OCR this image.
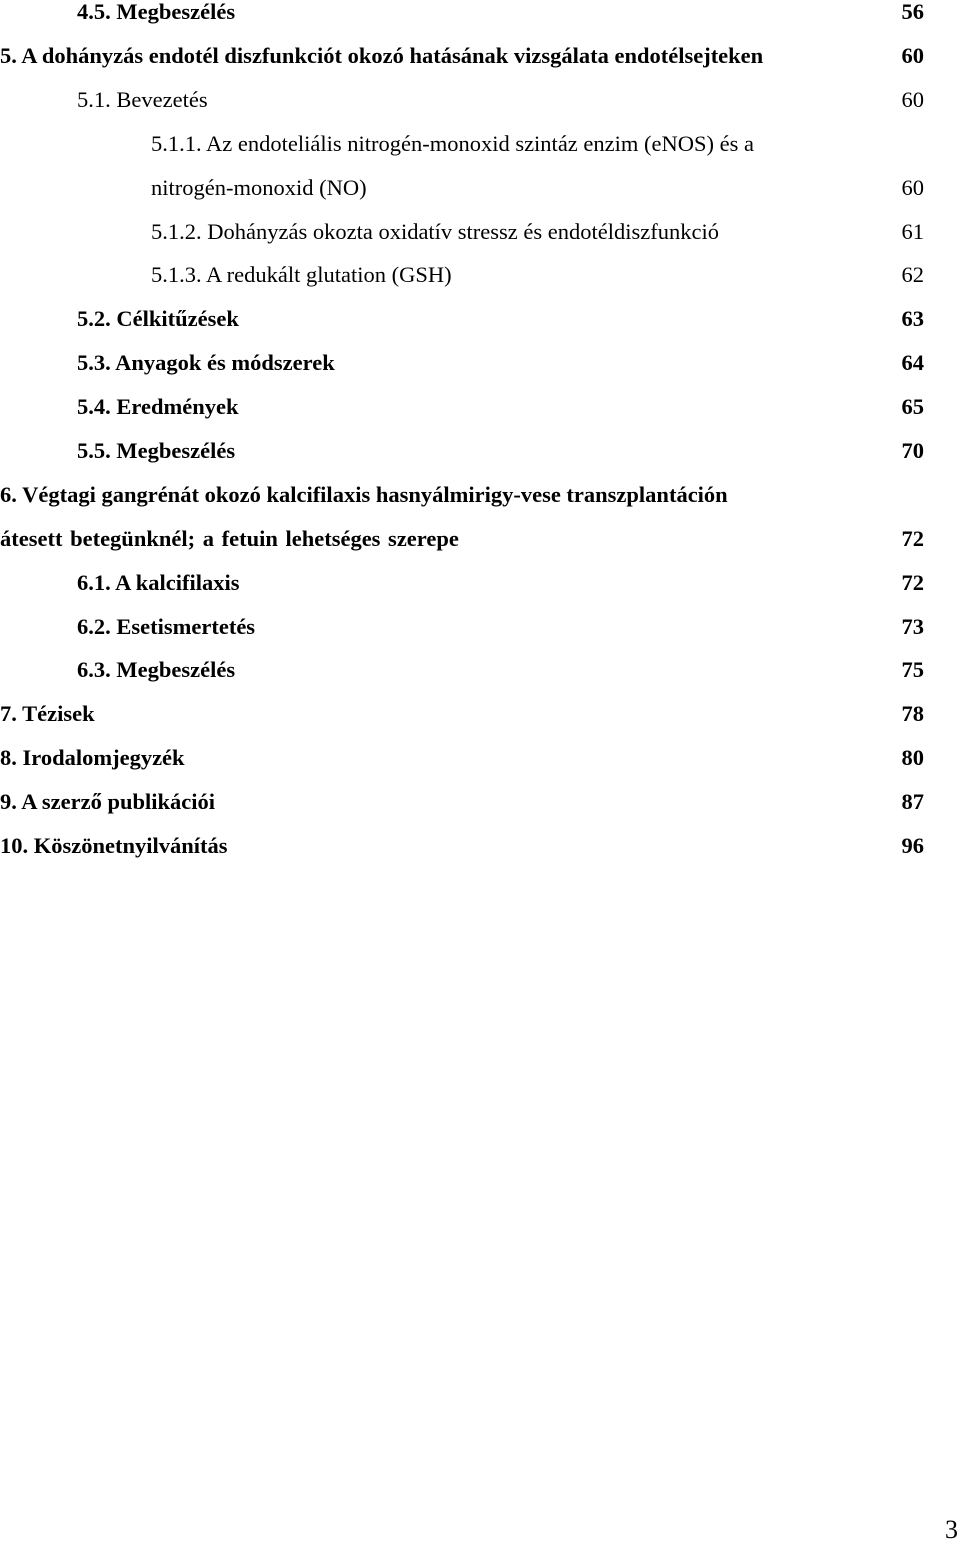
4.5. Megbeszélés	56
5. A dohányzás endotél diszfunkciót okozó hatásának vizsgálata endotélsejteken	60
5.1. Bevezetés	60
5.1.1. Az endoteliális nitrogén-monoxid szintáz enzim (eNOS) és a
nitrogén-monoxid (NO)	60
5.1.2. Dohányzás okozta oxidatív stressz és endotéldiszfunkció	61
5.1.3. A redukált glutation (GSH)	62
5.2. Célkitűzések	63
5.3. Anyagok és módszerek	64
5.4. Eredmények	65
5.5. Megbeszélés	70
6. Végtagi gangrénát okozó kalcifilaxis hasnyálmirigy-vese transzplantáción
átesett betegünknél; a fetuin lehetséges szerepe	72
6.1. A kalcifilaxis	72
6.2. Esetismertetés	73
6.3. Megbeszélés	75
7. Tézisek	78
8. Irodalomjegyzék	80
9. A szerző publikációi	87
10. Köszönetnyilvánítás	96
3
